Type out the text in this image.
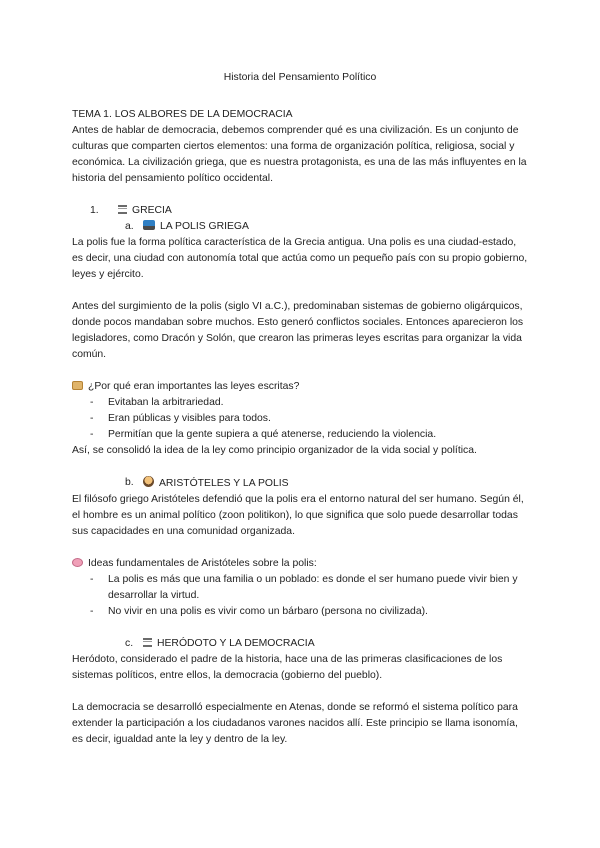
Historia del Pensamiento Político

TEMA 1. LOS ALBORES DE LA DEMOCRACIA

Antes de hablar de democracia, debemos comprender qué es una civilización. Es un conjunto de culturas que comparten ciertos elementos: una forma de organización política, religiosa, social y económica. La civilización griega, que es nuestra protagonista, es una de las más influyentes en la historia del pensamiento político occidental.

1.	GRECIA
a.	LA POLIS GRIEGA

La polis fue la forma política característica de la Grecia antigua. Una polis es una ciudad-estado, es decir, una ciudad con autonomía total que actúa como un pequeño país con su propio gobierno, leyes y ejército.

Antes del surgimiento de la polis (siglo VI a.C.), predominaban sistemas de gobierno oligárquicos, donde pocos mandaban sobre muchos. Esto generó conflictos sociales. Entonces aparecieron los legisladores, como Dracón y Solón, que crearon las primeras leyes escritas para organizar la vida común.

¿Por qué eran importantes las leyes escritas?

-	Evitaban la arbitrariedad.
-	Eran públicas y visibles para todos.
-	Permitían que la gente supiera a qué atenerse, reduciendo la violencia.

Así, se consolidó la idea de la ley como principio organizador de la vida social y política.

b.	ARISTÓTELES Y LA POLIS

El filósofo griego Aristóteles defendió que la polis era el entorno natural del ser humano. Según él, el hombre es un animal político (zoon politikon), lo que significa que solo puede desarrollar todas sus capacidades en una comunidad organizada.

Ideas fundamentales de Aristóteles sobre la polis:

-	La polis es más que una familia o un poblado: es donde el ser humano puede vivir bien y desarrollar la virtud.
-	No vivir en una polis es vivir como un bárbaro (persona no civilizada).
c.	HERÓDOTO Y LA DEMOCRACIA

Heródoto, considerado el padre de la historia, hace una de las primeras clasificaciones de los sistemas políticos, entre ellos, la democracia (gobierno del pueblo).

La democracia se desarrolló especialmente en Atenas, donde se reformó el sistema político para extender la participación a los ciudadanos varones nacidos allí. Este principio se llama isonomía, es decir, igualdad ante la ley y dentro de la ley.
